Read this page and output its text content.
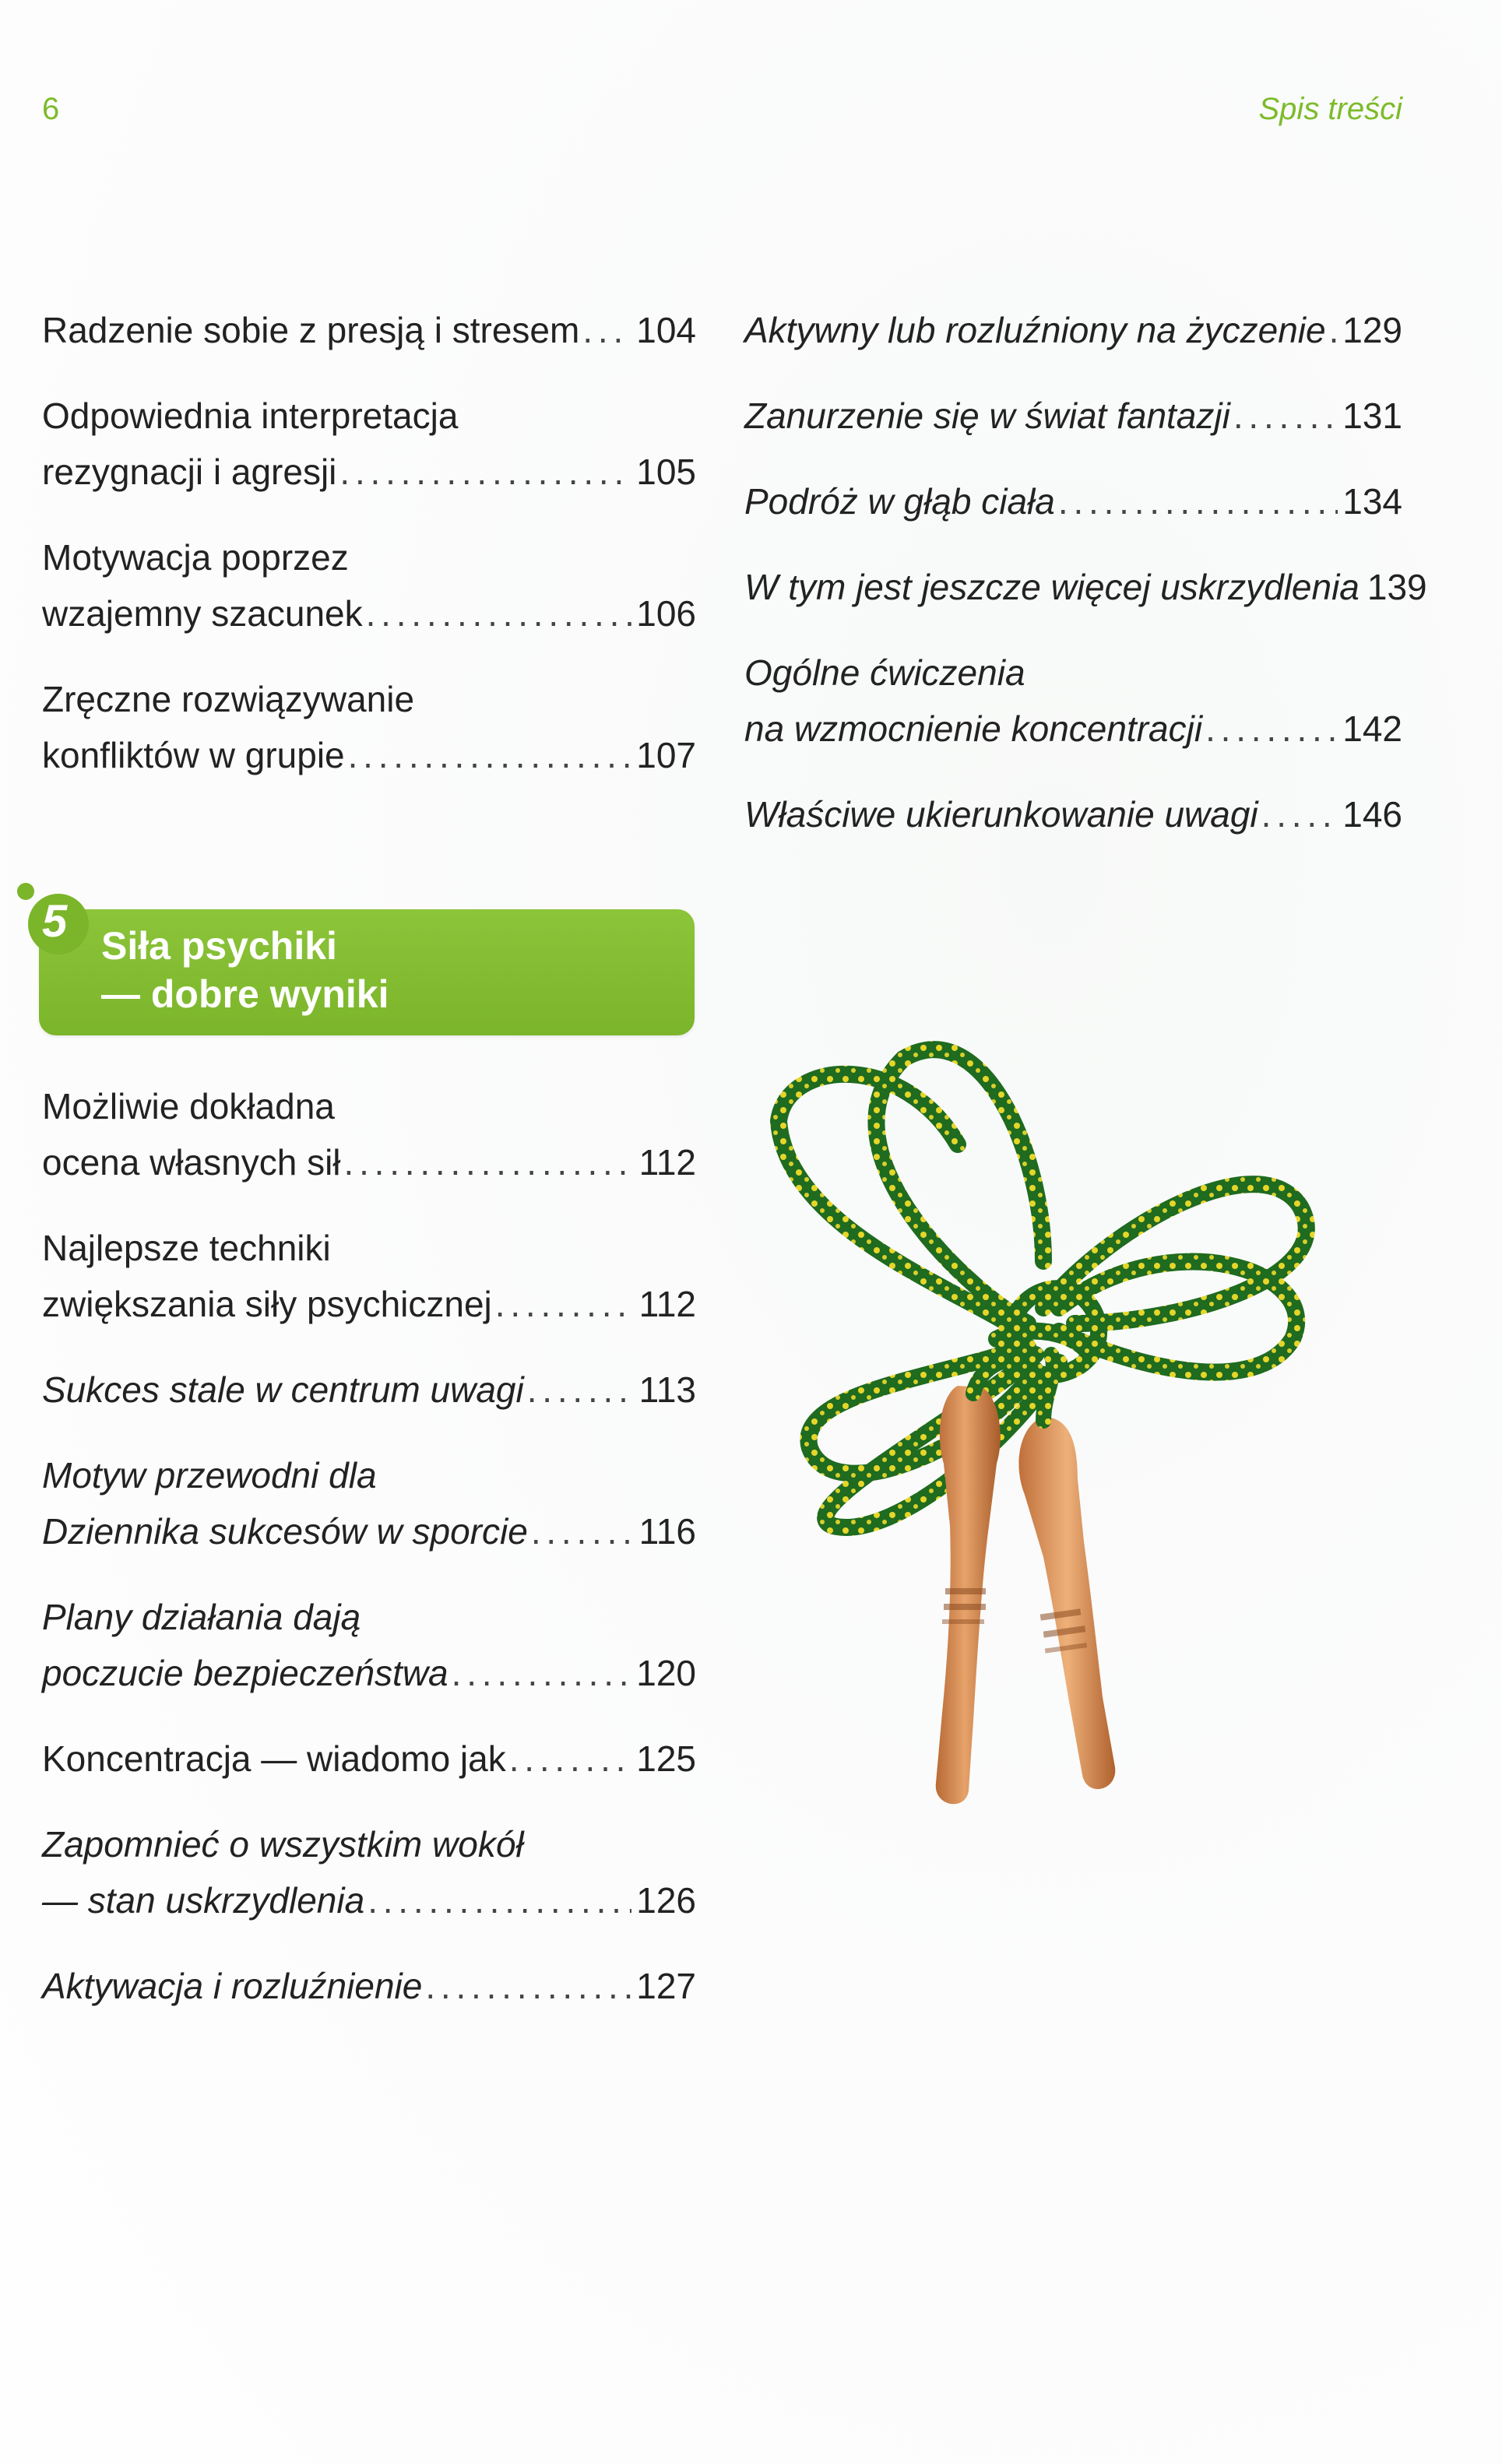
6	Spis treści
Radzenie sobie z presją i stresem . . . 104
Odpowiednia interpretacja
rezygnacji i agresji . . .	105
Motywacja poprzez
wzajemny szacunek . . .	106
Zręczne rozwiązywanie
konfliktów w grupie . . .	107
Aktywny lub rozluźniony na życzenie . . . 129
Zanurzenie się w świat fantazji . . .	131
Podróż w głąb ciała . . .	134
W tym jest jeszcze więcej uskrzydlenia 139
Ogólne ćwiczenia
na wzmocnienie koncentracji . . .	142
Właściwe ukierunkowanie uwagi . . . 146
5 Siła psychiki
— dobre wyniki
Możliwie dokładna
ocena własnych sił . . .	112
Najlepsze techniki
zwiększania siły psychicznej . . .	112
Sukces stale w centrum uwagi . . .	113
Motyw przewodni dla
Dziennika sukcesów w sporcie . . .	116
Plany działania dają
poczucie bezpieczeństwa . . .	120
Koncentracja — wiadomo jak . . .	125
Zapomnieć o wszystkim wokół
— stan uskrzydlenia . . .	126
Aktywacja i rozluźnienie . . .	127
